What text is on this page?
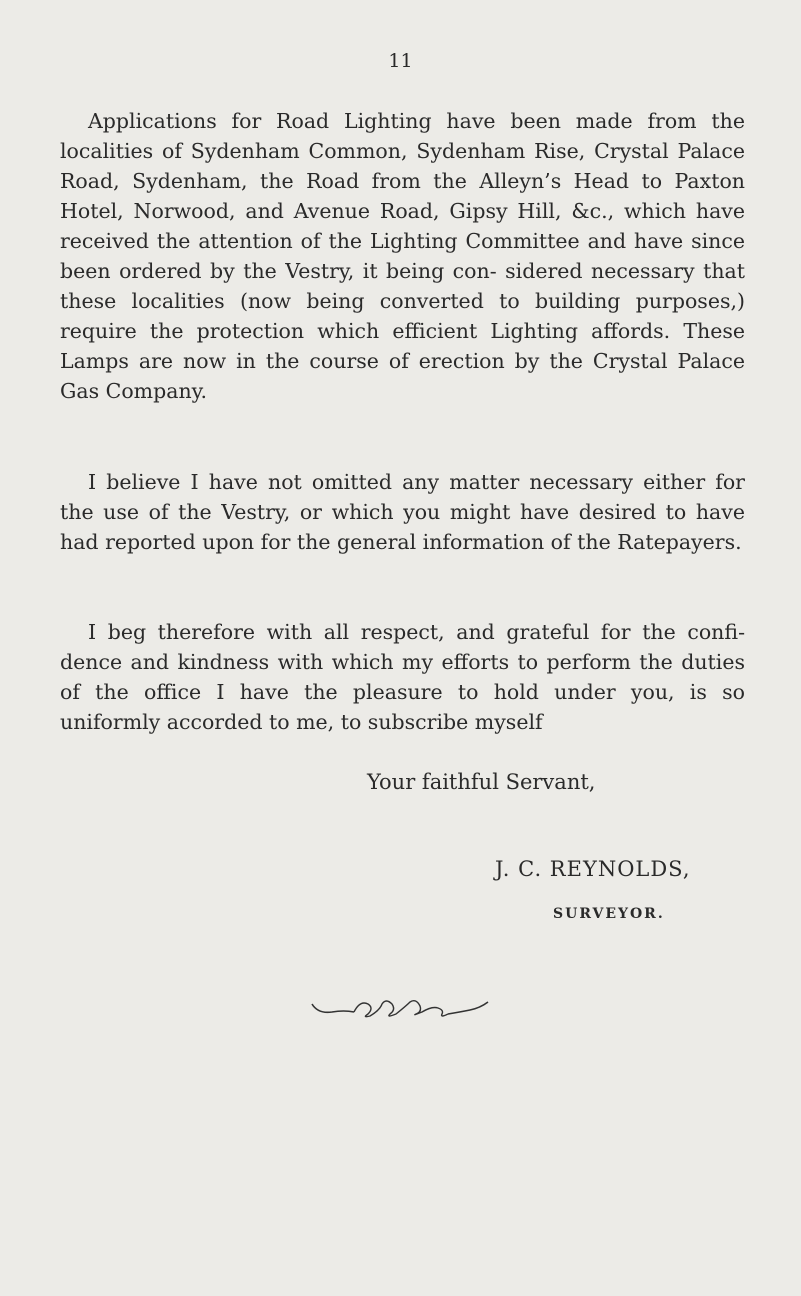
11

Applications for Road Lighting have been made from the localities of Sydenham Common, Sydenham Rise, Crystal Palace Road, Sydenham, the Road from the Alleyn’s Head to Paxton Hotel, Norwood, and Avenue Road, Gipsy Hill, &c., which have received the attention of the Lighting Committee and have since been ordered by the Vestry, it being con- sidered necessary that these localities (now being converted to building purposes,) require the protection which efficient Lighting affords. These Lamps are now in the course of erection by the Crystal Palace Gas Company.

I believe I have not omitted any matter necessary either for the use of the Vestry, or which you might have desired to have had reported upon for the general information of the Ratepayers.

I beg therefore with all respect, and grateful for the confi- dence and kindness with which my efforts to perform the duties of the office I have the pleasure to hold under you, is so uniformly accorded to me, to subscribe myself

Your faithful Servant,
J. C. REYNOLDS,
SURVEYOR.
